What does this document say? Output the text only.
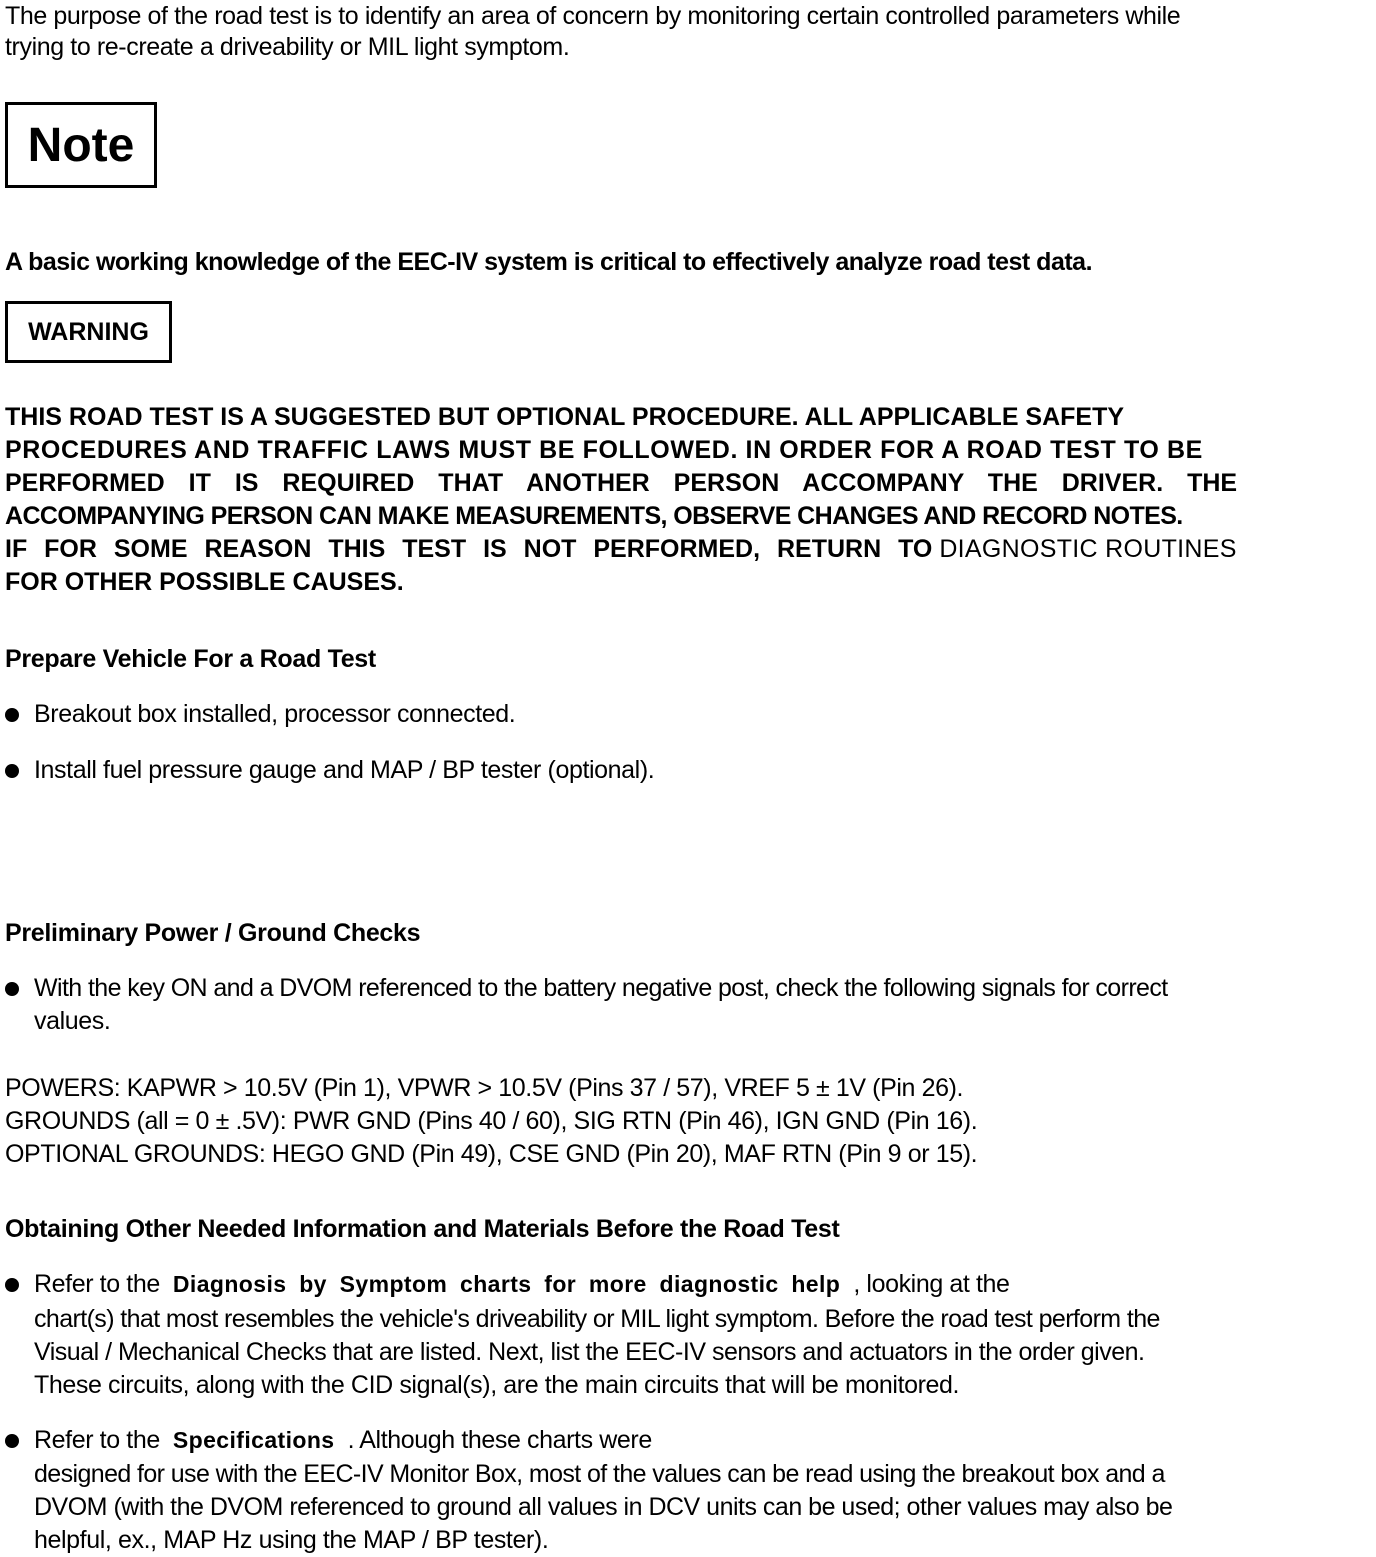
The purpose of the road test is to identify an area of concern by monitoring certain controlled parameters while
trying to re-create a driveability or MIL light symptom.
Note
A basic working knowledge of the EEC-IV system is critical to effectively analyze road test data.
WARNING
THIS ROAD TEST IS A SUGGESTED BUT OPTIONAL PROCEDURE. ALL APPLICABLE SAFETY
PROCEDURES AND TRAFFIC LAWS MUST BE FOLLOWED. IN ORDER FOR A ROAD TEST TO BE
PERFORMED IT IS REQUIRED THAT ANOTHER PERSON ACCOMPANY THE DRIVER. THE
ACCOMPANYING PERSON CAN MAKE MEASUREMENTS, OBSERVE CHANGES AND RECORD NOTES.
IF FOR SOME REASON THIS TEST IS NOT PERFORMED, RETURN TO DIAGNOSTIC ROUTINES
FOR OTHER POSSIBLE CAUSES.
Prepare Vehicle For a Road Test
Breakout box installed, processor connected.
Install fuel pressure gauge and MAP / BP tester (optional).
Preliminary Power / Ground Checks
With the key ON and a DVOM referenced to the battery negative post, check the following signals for correct
values.
POWERS: KAPWR > 10.5V (Pin 1), VPWR > 10.5V (Pins 37 / 57), VREF 5 ± 1V (Pin 26).
GROUNDS (all = 0 ± .5V): PWR GND (Pins 40 / 60), SIG RTN (Pin 46), IGN GND (Pin 16).
OPTIONAL GROUNDS: HEGO GND (Pin 49), CSE GND (Pin 20), MAF RTN (Pin 9 or 15).
Obtaining Other Needed Information and Materials Before the Road Test
Refer to the Diagnosis by Symptom charts for more diagnostic help , looking at the
chart(s) that most resembles the vehicle's driveability or MIL light symptom. Before the road test perform the
Visual / Mechanical Checks that are listed. Next, list the EEC-IV sensors and actuators in the order given.
These circuits, along with the CID signal(s), are the main circuits that will be monitored.
Refer to the Specifications . Although these charts were
designed for use with the EEC-IV Monitor Box, most of the values can be read using the breakout box and a
DVOM (with the DVOM referenced to ground all values in DCV units can be used; other values may also be
helpful, ex., MAP Hz using the MAP / BP tester).
